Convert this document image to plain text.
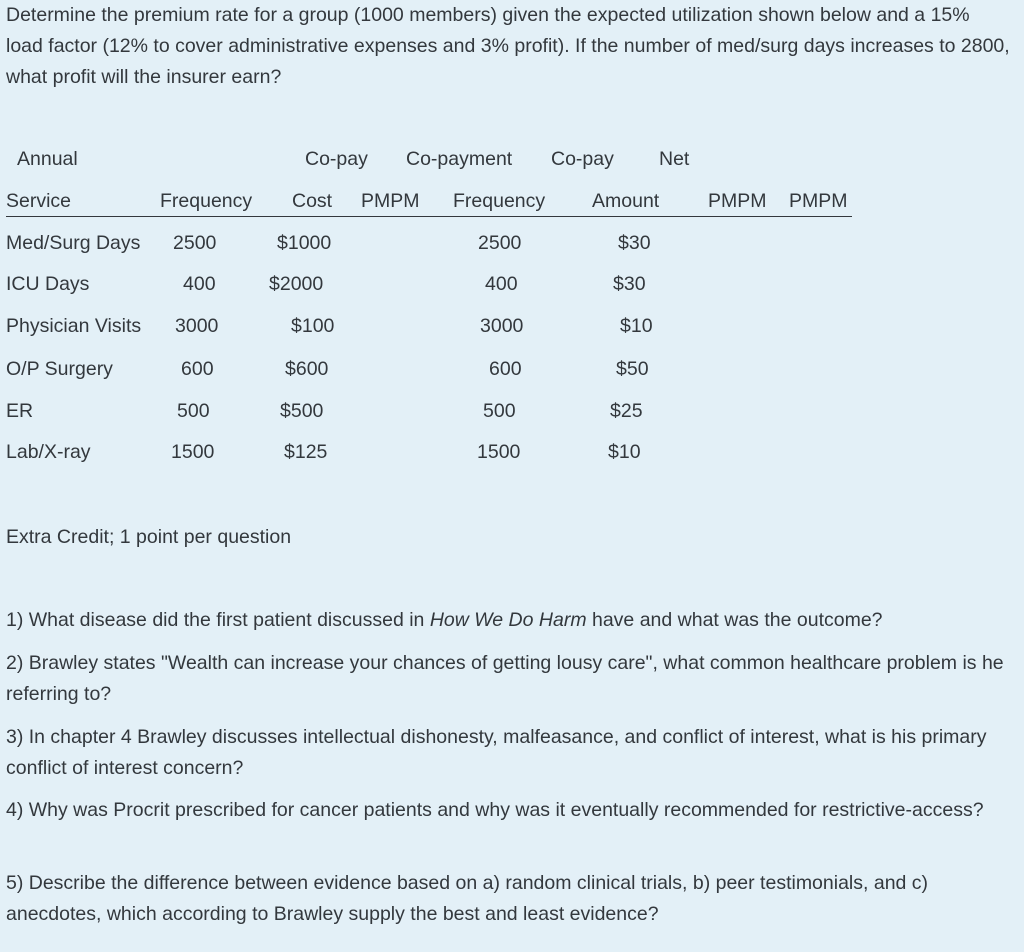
Determine the premium rate for a group (1000 members) given the expected utilization shown below and a 15% load factor (12% to cover administrative expenses and 3% profit). If the number of med/surg days increases to 2800, what profit will the insurer earn?
Annual	Co-pay Co-payment Co-pay Net
Service	Frequency Cost PMPM Frequency Amount	PMPM PMPM
Med/Surg Days 2500	$1000	2500	$30
ICU Days	400	$2000	400	$30
Physician Visits 3000	$100	3000	$10
O/P Surgery	600	$600	600	$50
ER	500	$500	500	$25
Lab/X-ray	1500	$125	1500	$10
Extra Credit; 1 point per question
1) What disease did the first patient discussed in How We Do Harm have and what was the outcome?
2) Brawley states "Wealth can increase your chances of getting lousy care", what common healthcare problem is he referring to?
3) In chapter 4 Brawley discusses intellectual dishonesty, malfeasance, and conflict of interest, what is his primary conflict of interest concern?
4) Why was Procrit prescribed for cancer patients and why was it eventually recommended for restrictive-access?
5) Describe the difference between evidence based on a) random clinical trials, b) peer testimonials, and c) anecdotes, which according to Brawley supply the best and least evidence?
